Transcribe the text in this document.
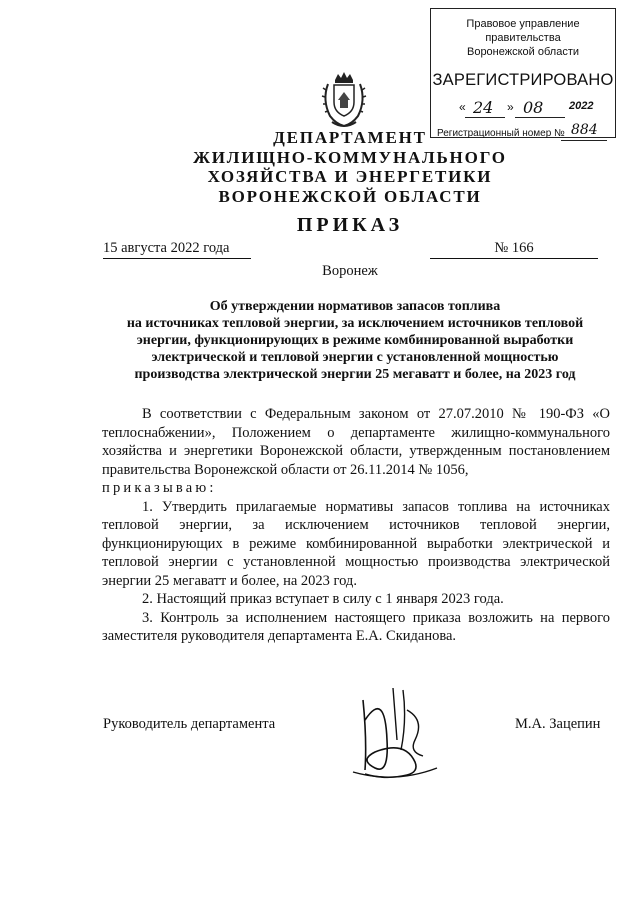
Правовое управление правительства
Воронежской области
ЗАРЕГИСТРИРОВАНО
« 24 » 08 2022
Регистрационный номер № 884
ДЕПАРТАМЕНТ
ЖИЛИЩНО-КОММУНАЛЬНОГО
ХОЗЯЙСТВА И ЭНЕРГЕТИКИ
ВОРОНЕЖСКОЙ ОБЛАСТИ
ПРИКАЗ
15 августа 2022 года	№ 166
Воронеж
Об утверждении нормативов запасов топлива
на источниках тепловой энергии, за исключением источников тепловой
энергии, функционирующих в режиме комбинированной выработки
электрической и тепловой энергии с установленной мощностью
производства электрической энергии 25 мегаватт и более, на 2023 год

В соответствии с Федеральным законом от 27.07.2010 № 190-ФЗ «О теплоснабжении», Положением о департаменте жилищно-коммунального хозяйства и энергетики Воронежской области, утвержденным постановлением правительства Воронежской области от 26.11.2014 № 1056,

приказываю:

1. Утвердить прилагаемые нормативы запасов топлива на источниках тепловой энергии, за исключением источников тепловой энергии, функционирующих в режиме комбинированной выработки электрической и тепловой энергии с установленной мощностью производства электрической энергии 25 мегаватт и более, на 2023 год.

2. Настоящий приказ вступает в силу с 1 января 2023 года.

3. Контроль за исполнением настоящего приказа возложить на первого заместителя руководителя департамента Е.А. Скиданова.

Руководитель департамента	М.А. Зацепин
